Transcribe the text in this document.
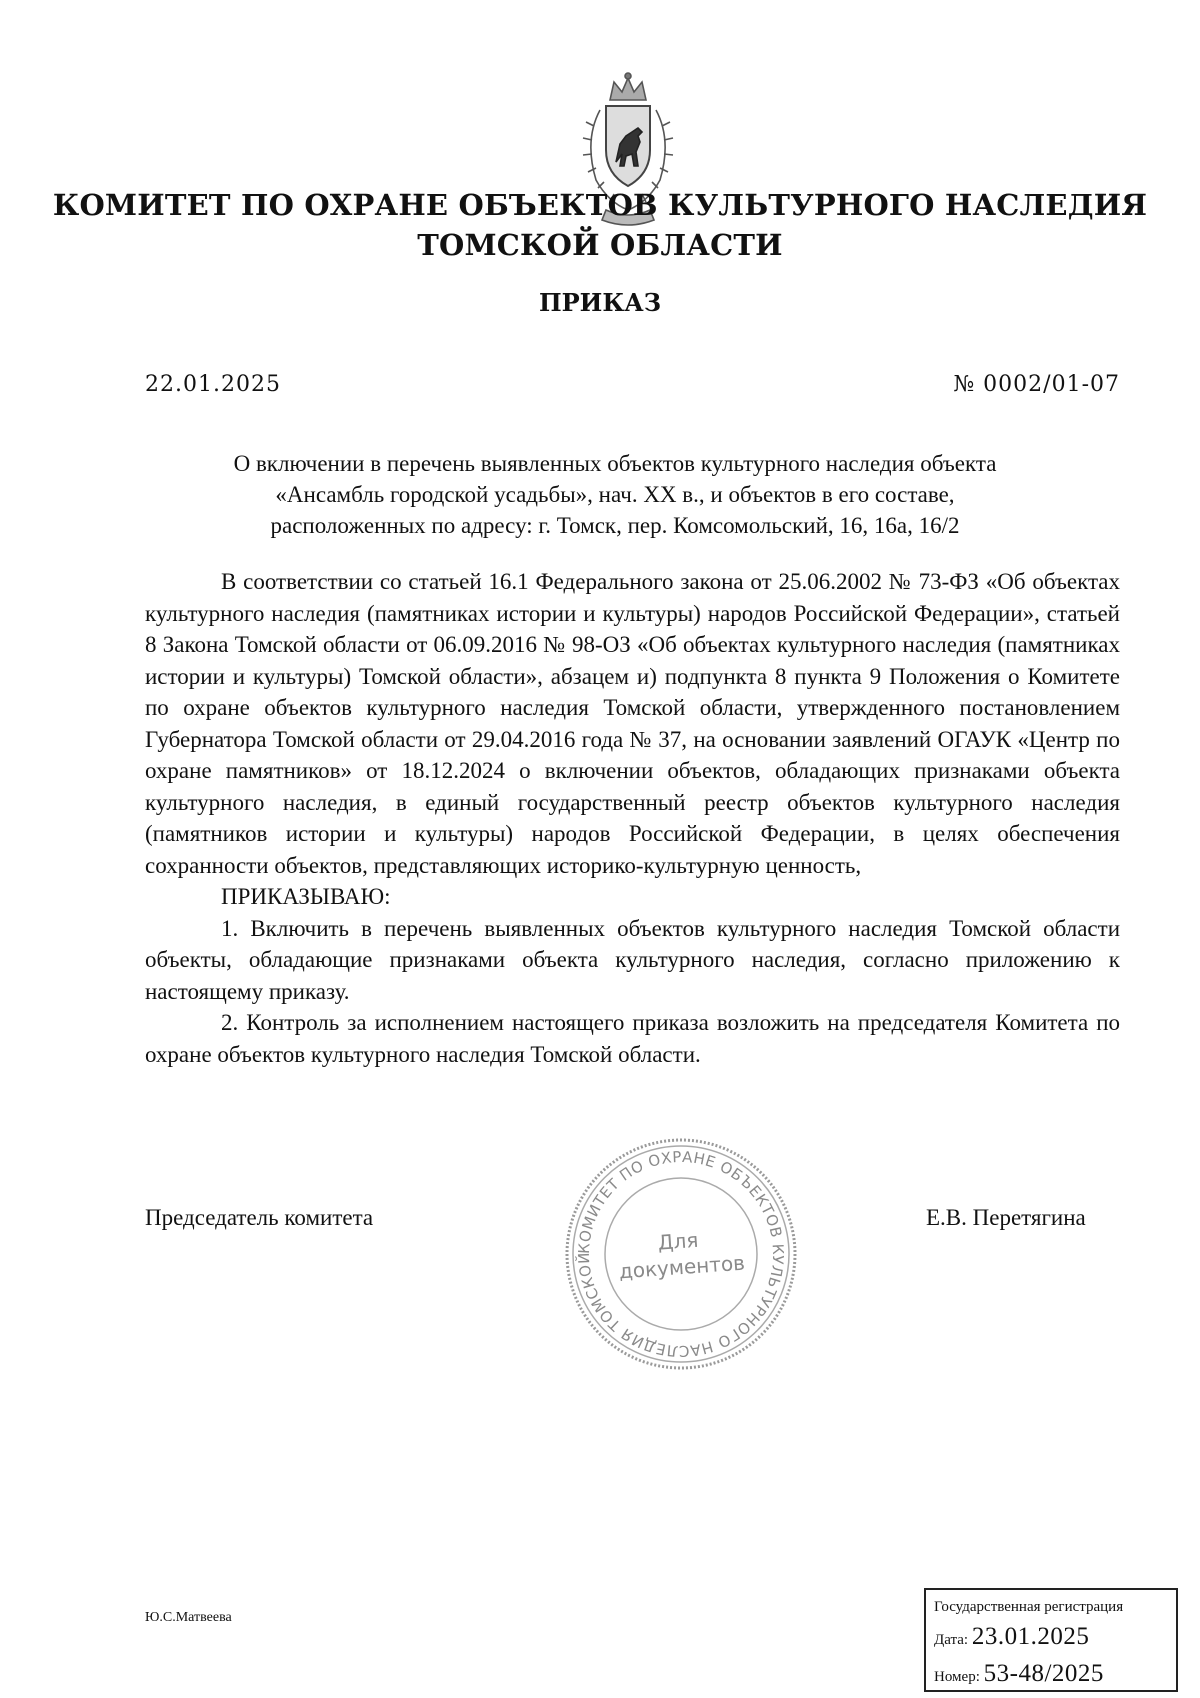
КОМИТЕТ ПО ОХРАНЕ ОБЪЕКТОВ КУЛЬТУРНОГО НАСЛЕДИЯ
ТОМСКОЙ ОБЛАСТИ
ПРИКАЗ
22.01.2025	№ 0002/01-07
О включении в перечень выявленных объектов культурного наследия объекта
«Ансамбль городской усадьбы», нач. XX в., и объектов в его составе,
расположенных по адресу: г. Томск, пер. Комсомольский, 16, 16а, 16/2

В соответствии со статьей 16.1 Федерального закона от 25.06.2002 № 73-ФЗ «Об объектах культурного наследия (памятниках истории и культуры) народов Российской Федерации», статьей 8 Закона Томской области от 06.09.2016 № 98-ОЗ «Об объектах культурного наследия (памятниках истории и культуры) Томской области», абзацем и) подпункта 8 пункта 9 Положения о Комитете по охране объектов культурного наследия Томской области, утвержденного постановлением Губернатора Томской области от 29.04.2016 года № 37, на основании заявлений ОГАУК «Центр по охране памятников» от 18.12.2024 о включении объектов, обладающих признаками объекта культурного наследия, в единый государственный реестр объектов культурного наследия (памятников истории и культуры) народов Российской Федерации, в целях обеспечения сохранности объектов, представляющих историко-культурную ценность,

ПРИКАЗЫВАЮ:

1. Включить в перечень выявленных объектов культурного наследия Томской области объекты, обладающие признаками объекта культурного наследия, согласно приложению к настоящему приказу.

2. Контроль за исполнением настоящего приказа возложить на председателя Комитета по охране объектов культурного наследия Томской области.

Председатель комитета	Е.В. Перетягина
КОМИТЕТ ПО ОХРАНЕ ОБЪЕКТОВ КУЛЬТУРНОГО НАСЛЕДИЯ ТОМСКОЙ
Для
документов
Ю.С.Матвеева
Государственная регистрация
Дата: 23.01.2025
Номер: 53-48/2025
